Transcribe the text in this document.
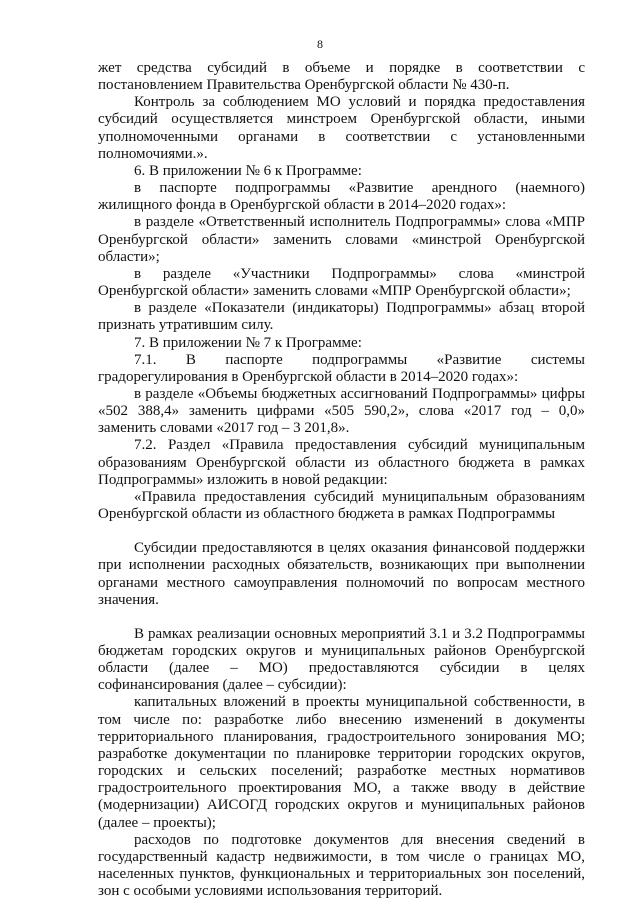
8

жет средства субсидий в объеме и порядке в соответствии с постановлением Правительства Оренбургской области № 430-п.

Контроль за соблюдением МО условий и порядка предоставления субсидий осуществляется минстроем Оренбургской области, иными уполномоченными органами в соответствии с установленными полномочиями.».

6. В приложении № 6 к Программе:

в паспорте подпрограммы «Развитие арендного (наемного) жилищного фонда в Оренбургской области в 2014–2020 годах»:

в разделе «Ответственный исполнитель Подпрограммы» слова «МПР Оренбургской области» заменить словами «минстрой Оренбургской области»;

в разделе «Участники Подпрограммы» слова «минстрой Оренбургской области» заменить словами «МПР Оренбургской области»;

в разделе «Показатели (индикаторы) Подпрограммы» абзац второй признать утратившим силу.

7. В приложении № 7 к Программе:

7.1. В паспорте подпрограммы «Развитие системы градорегулирования в Оренбургской области в 2014–2020 годах»:

в разделе «Объемы бюджетных ассигнований Подпрограммы» цифры «502 388,4» заменить цифрами «505 590,2», слова «2017 год – 0,0» заменить словами «2017 год – 3 201,8».

7.2. Раздел «Правила предоставления субсидий муниципальным образованиям Оренбургской области из областного бюджета в рамках Подпрограммы» изложить в новой редакции:

«Правила предоставления субсидий муниципальным образованиям Оренбургской области из областного бюджета в рамках Подпрограммы

Субсидии предоставляются в целях оказания финансовой поддержки при исполнении расходных обязательств, возникающих при выполнении органами местного самоуправления полномочий по вопросам местного значения.

В рамках реализации основных мероприятий 3.1 и 3.2 Подпрограммы бюджетам городских округов и муниципальных районов Оренбургской области (далее – МО) предоставляются субсидии в целях софинансирования (далее – субсидии):

капитальных вложений в проекты муниципальной собственности, в том числе по: разработке либо внесению изменений в документы территориального планирования, градостроительного зонирования МО; разработке документации по планировке территории городских округов, городских и сельских поселений; разработке местных нормативов градостроительного проектирования МО, а также вводу в действие (модернизации) АИСОГД городских округов и муниципальных районов (далее – проекты);

расходов по подготовке документов для внесения сведений в государственный кадастр недвижимости, в том числе о границах МО, населенных пунктов, функциональных и территориальных зон поселений, зон с особыми условиями использования территорий.
